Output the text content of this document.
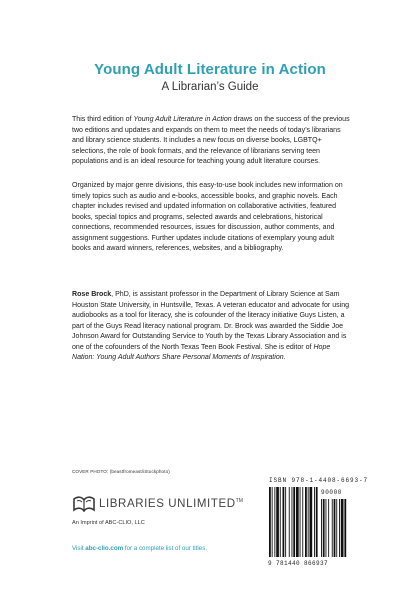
Young Adult Literature in Action
A Librarian’s Guide

This third edition of Young Adult Literature in Action draws on the success of the previous two editions and updates and expands on them to meet the needs of today’s librarians and library science students. It includes a new focus on diverse books, LGBTQ+ selections, the role of book formats, and the relevance of librarians serving teen populations and is an ideal resource for teaching young adult literature courses.

Organized by major genre divisions, this easy-to-use book includes new information on timely topics such as audio and e-books, accessible books, and graphic novels. Each chapter includes revised and updated information on collaborative activities, featured books, special topics and programs, selected awards and celebrations, historical connections, recommended resources, issues for discussion, author comments, and assignment suggestions. Further updates include citations of exemplary young adult books and award winners, references, websites, and a bibliography.

Rose Brock, PhD, is assistant professor in the Department of Library Science at Sam Houston State University, in Huntsville, Texas. A veteran educator and advocate for using audiobooks as a tool for literacy, she is cofounder of the literacy initiative Guys Listen, a part of the Guys Read literacy national program. Dr. Brock was awarded the Siddie Joe Johnson Award for Outstanding Service to Youth by the Texas Library Association and is one of the cofounders of the North Texas Teen Book Festival. She is editor of Hope Nation: Young Adult Authors Share Personal Moments of Inspiration.

COVER PHOTO: (beastfromeast/iStockphoto)
LIBRARIES UNLIMITED™
An Imprint of ABC-CLIO, LLC
Visit abc-clio.com for a complete list of our titles.
ISBN 978-1-4408-6693-7
9 781440 866937
90000
